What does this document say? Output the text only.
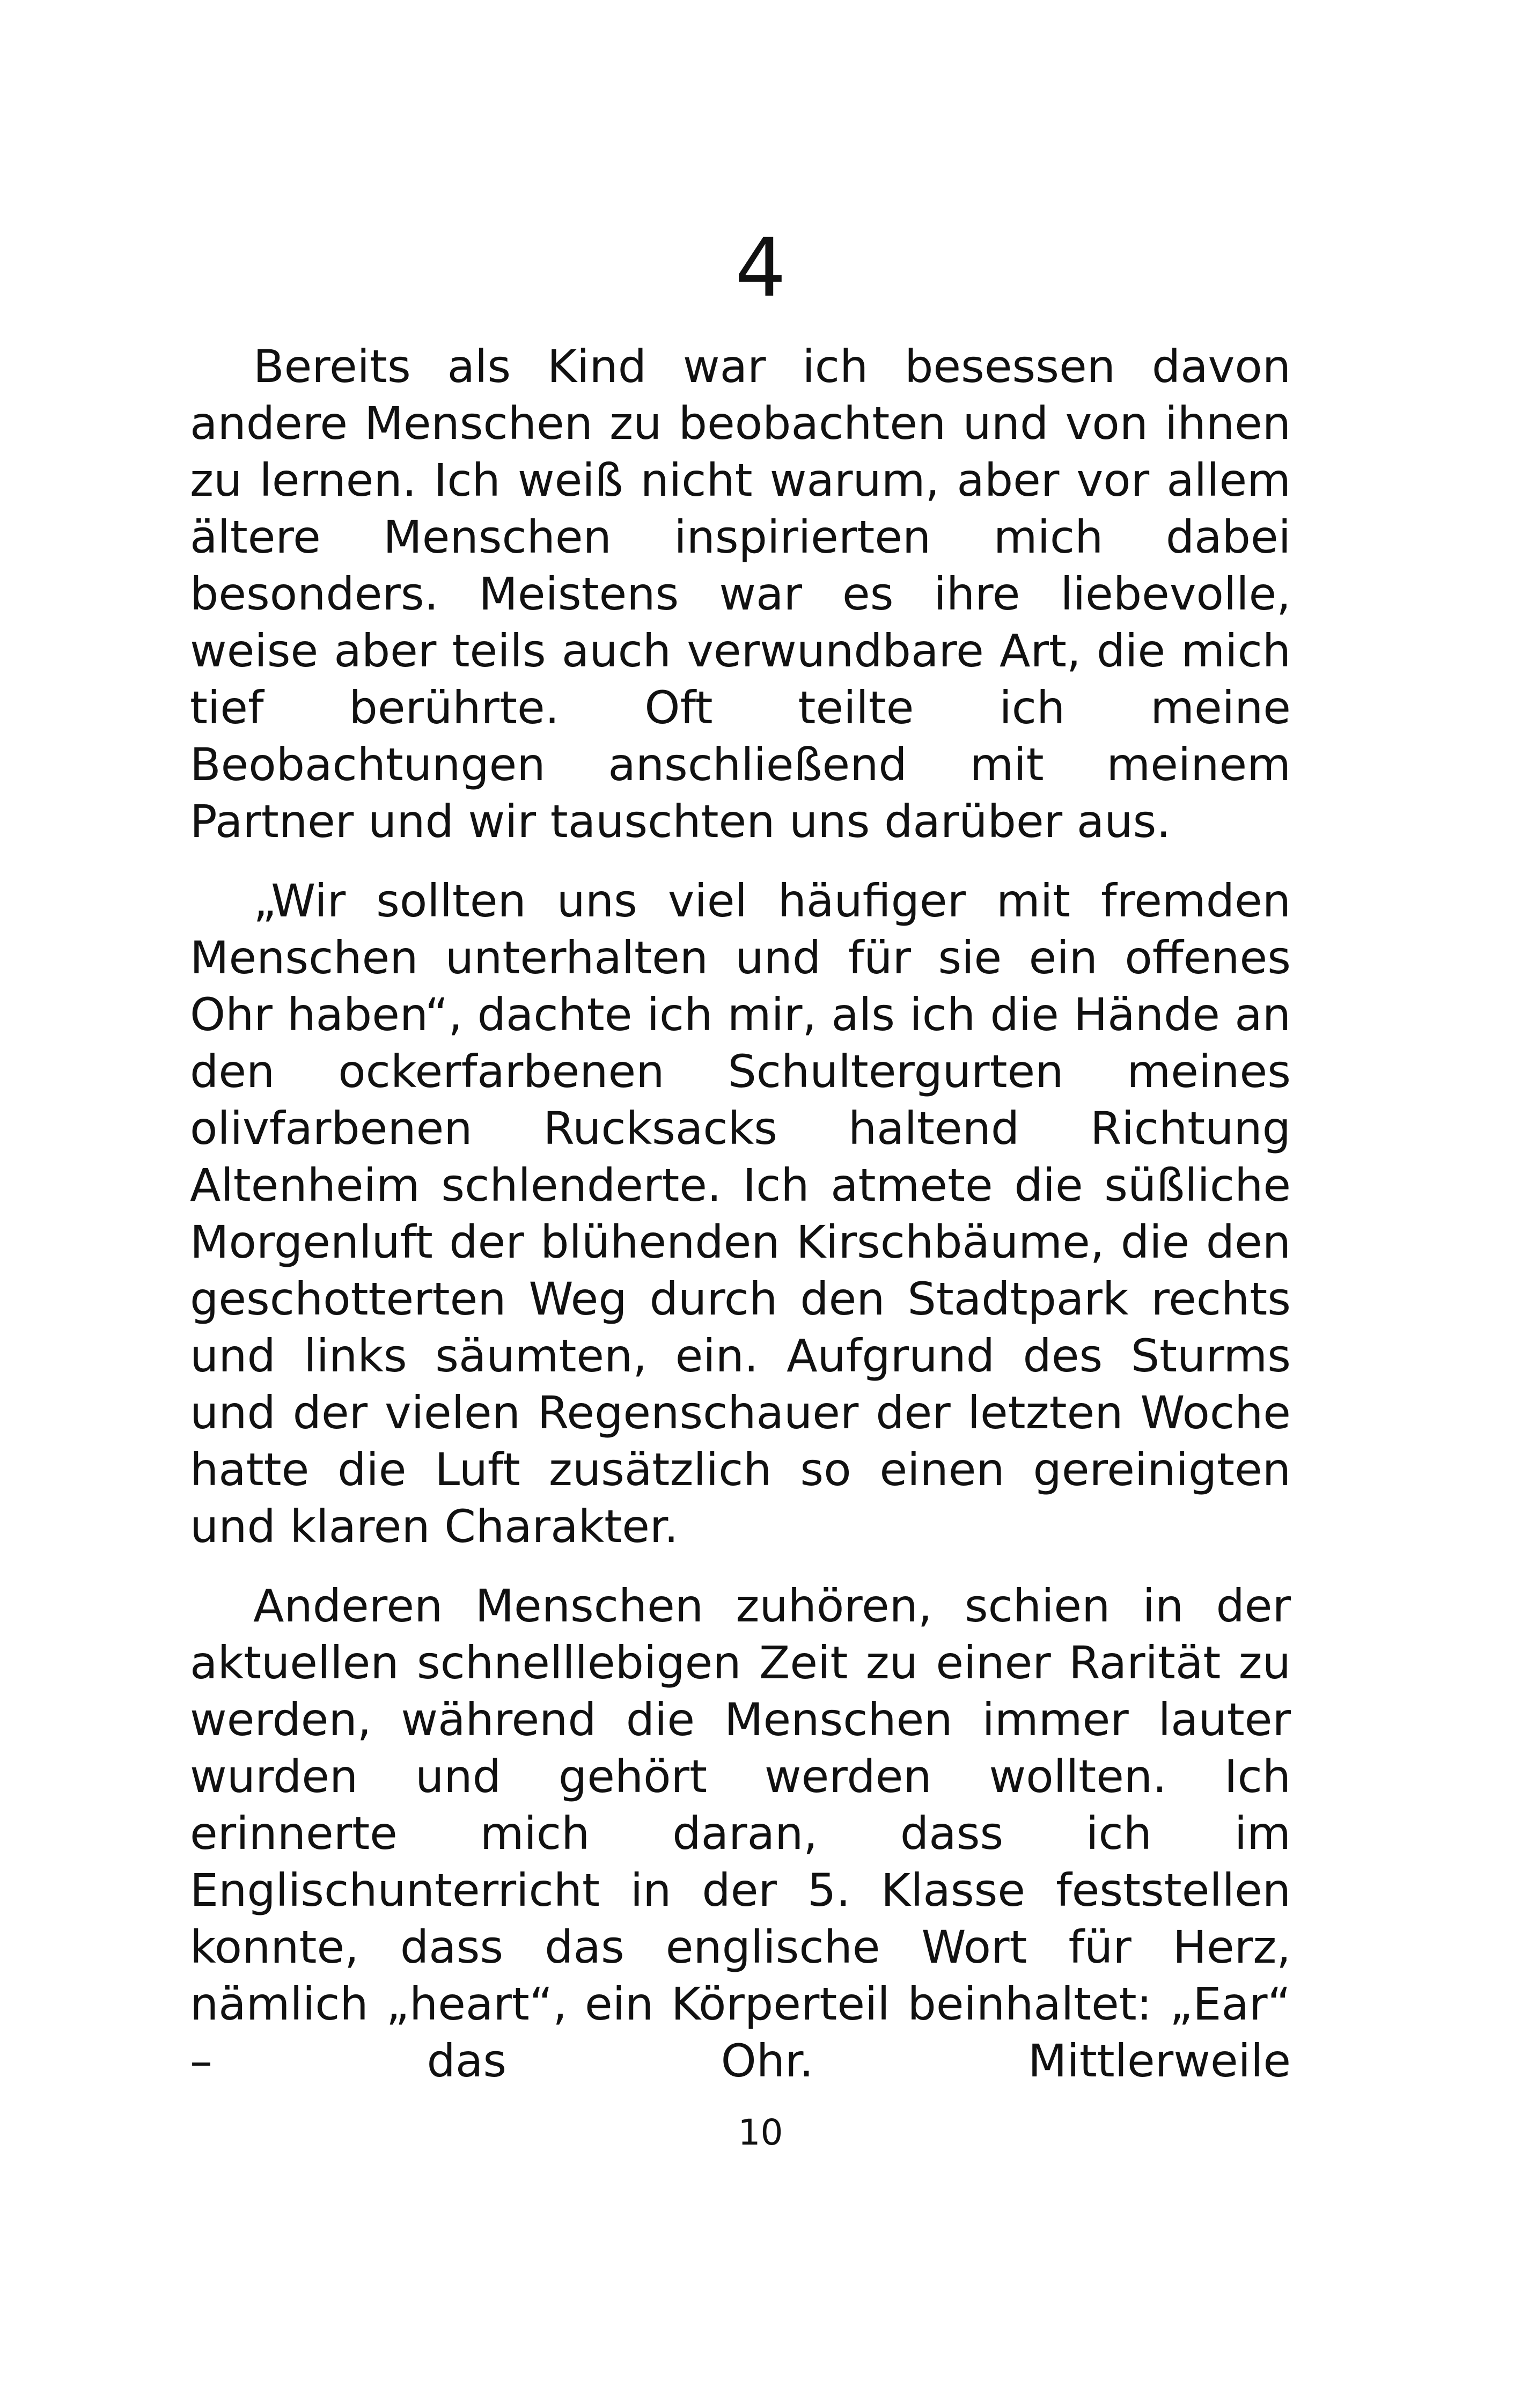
4

Bereits als Kind war ich besessen davon andere Menschen zu beobachten und von ihnen zu lernen. Ich weiß nicht warum, aber vor allem ältere Menschen inspirierten mich dabei besonders. Meistens war es ihre liebevolle, weise aber teils auch verwundbare Art, die mich tief berührte. Oft teilte ich meine Beobachtungen anschließend mit meinem Partner und wir tauschten uns darüber aus.

„Wir sollten uns viel häufiger mit fremden Menschen unterhalten und für sie ein offenes Ohr haben“, dachte ich mir, als ich die Hände an den ockerfarbenen Schultergurten meines olivfarbenen Rucksacks haltend Richtung Altenheim schlenderte. Ich atmete die süßliche Morgenluft der blühenden Kirschbäume, die den geschotterten Weg durch den Stadtpark rechts und links säumten, ein. Aufgrund des Sturms und der vielen Regenschauer der letzten Woche hatte die Luft zusätzlich so einen gereinigten und klaren Charakter.

Anderen Menschen zuhören, schien in der aktuellen schnelllebigen Zeit zu einer Rarität zu werden, während die Menschen immer lauter wurden und gehört werden wollten. Ich erinnerte mich daran, dass ich im Englischunterricht in der 5. Klasse feststellen konnte, dass das englische Wort für Herz, nämlich „heart“, ein Körperteil beinhaltet: „Ear“ – das Ohr. Mittlerweile

10
